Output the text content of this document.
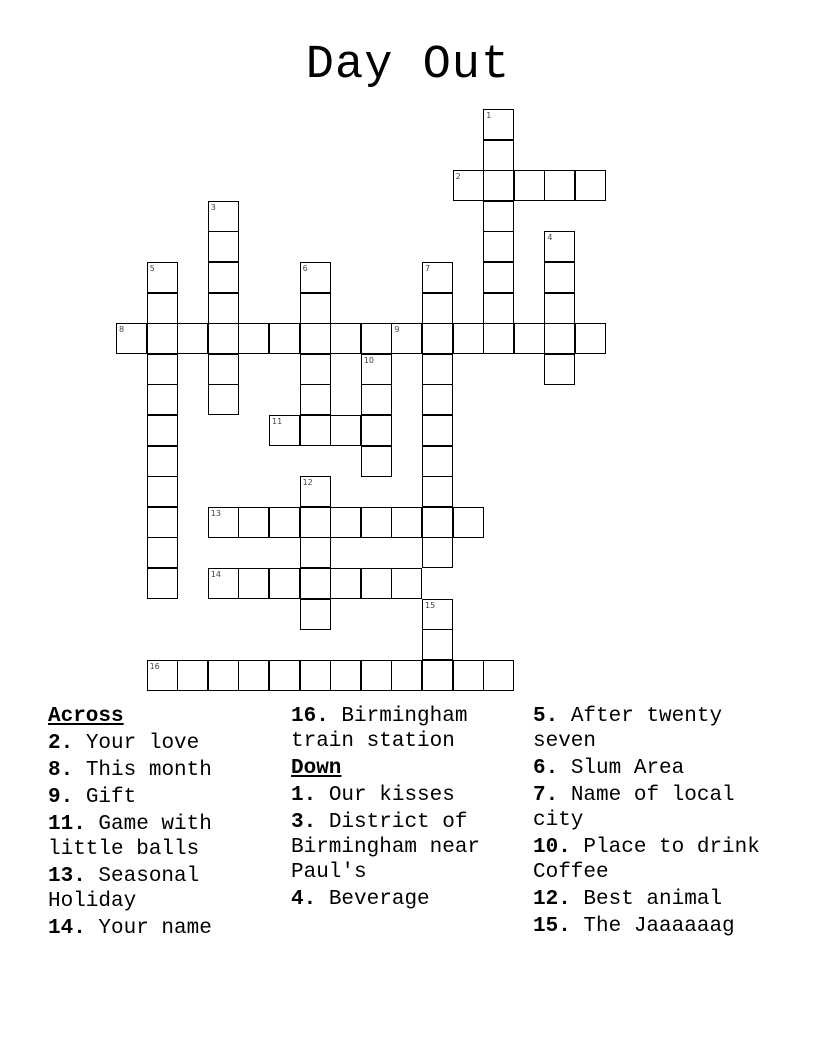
Day Out
1
2
3
4
5	6	7
8	9
10
11
12
13
14
15
16
Across
2. Your love
8. This month
9. Gift
11. Game with little balls
13. Seasonal Holiday
14. Your name
16. Birmingham train station
Down
1. Our kisses
3. District of Birmingham near Paul's
4. Beverage
5. After twenty seven
6. Slum Area
7. Name of local city
10. Place to drink Coffee
12. Best animal
15. The Jaaaaaag
